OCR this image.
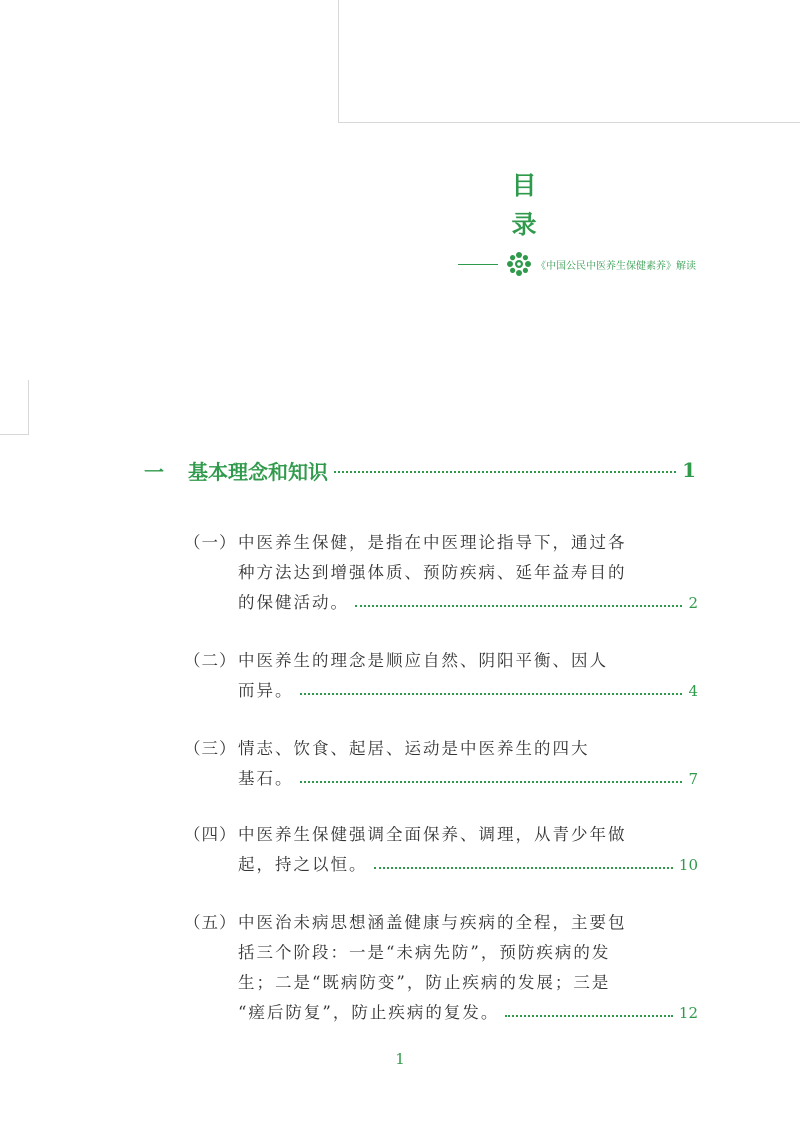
目
录
《中国公民中医养生保健素养》解读
一	基本理念和知识	1
（一） 中医养生保健，是指在中医理论指导下，通过各
种方法达到增强体质、预防疾病、延年益寿目的
的保健活动。	2
（二） 中医养生的理念是顺应自然、阴阳平衡、因人
而异。	4
（三） 情志、饮食、起居、运动是中医养生的四大
基石。	7
（四） 中医养生保健强调全面保养、调理，从青少年做
起，持之以恒。	10
（五） 中医治未病思想涵盖健康与疾病的全程，主要包
括三个阶段：一是“未病先防”，预防疾病的发
生；二是“既病防变”，防止疾病的发展；三是
“瘥后防复”，防止疾病的复发。	12
1
